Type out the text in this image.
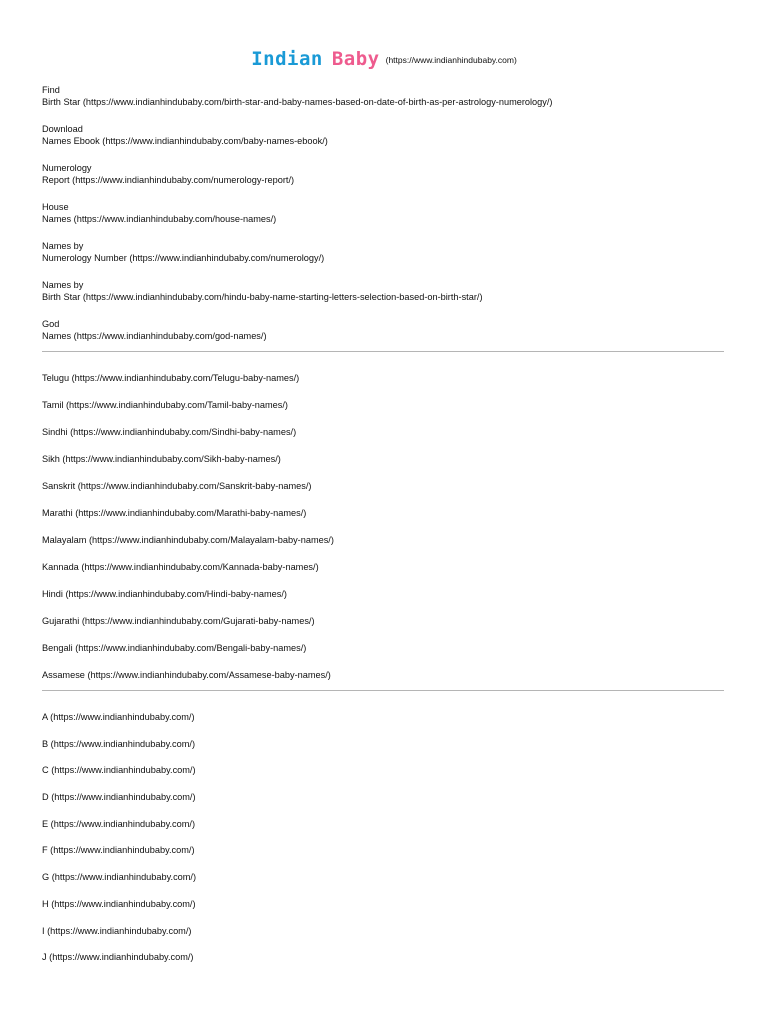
Indian Baby (https://www.indianhindubaby.com)
Find
Birth Star (https://www.indianhindubaby.com/birth-star-and-baby-names-based-on-date-of-birth-as-per-astrology-numerology/)
Download
Names Ebook (https://www.indianhindubaby.com/baby-names-ebook/)
Numerology
Report (https://www.indianhindubaby.com/numerology-report/)
House
Names (https://www.indianhindubaby.com/house-names/)
Names by
Numerology Number (https://www.indianhindubaby.com/numerology/)
Names by
Birth Star (https://www.indianhindubaby.com/hindu-baby-name-starting-letters-selection-based-on-birth-star/)
God
Names (https://www.indianhindubaby.com/god-names/)
Telugu (https://www.indianhindubaby.com/Telugu-baby-names/)
Tamil (https://www.indianhindubaby.com/Tamil-baby-names/)
Sindhi (https://www.indianhindubaby.com/Sindhi-baby-names/)
Sikh (https://www.indianhindubaby.com/Sikh-baby-names/)
Sanskrit (https://www.indianhindubaby.com/Sanskrit-baby-names/)
Marathi (https://www.indianhindubaby.com/Marathi-baby-names/)
Malayalam (https://www.indianhindubaby.com/Malayalam-baby-names/)
Kannada (https://www.indianhindubaby.com/Kannada-baby-names/)
Hindi (https://www.indianhindubaby.com/Hindi-baby-names/)
Gujarathi (https://www.indianhindubaby.com/Gujarati-baby-names/)
Bengali (https://www.indianhindubaby.com/Bengali-baby-names/)
Assamese (https://www.indianhindubaby.com/Assamese-baby-names/)
A (https://www.indianhindubaby.com/)
B (https://www.indianhindubaby.com/)
C (https://www.indianhindubaby.com/)
D (https://www.indianhindubaby.com/)
E (https://www.indianhindubaby.com/)
F (https://www.indianhindubaby.com/)
G (https://www.indianhindubaby.com/)
H (https://www.indianhindubaby.com/)
I (https://www.indianhindubaby.com/)
J (https://www.indianhindubaby.com/)
